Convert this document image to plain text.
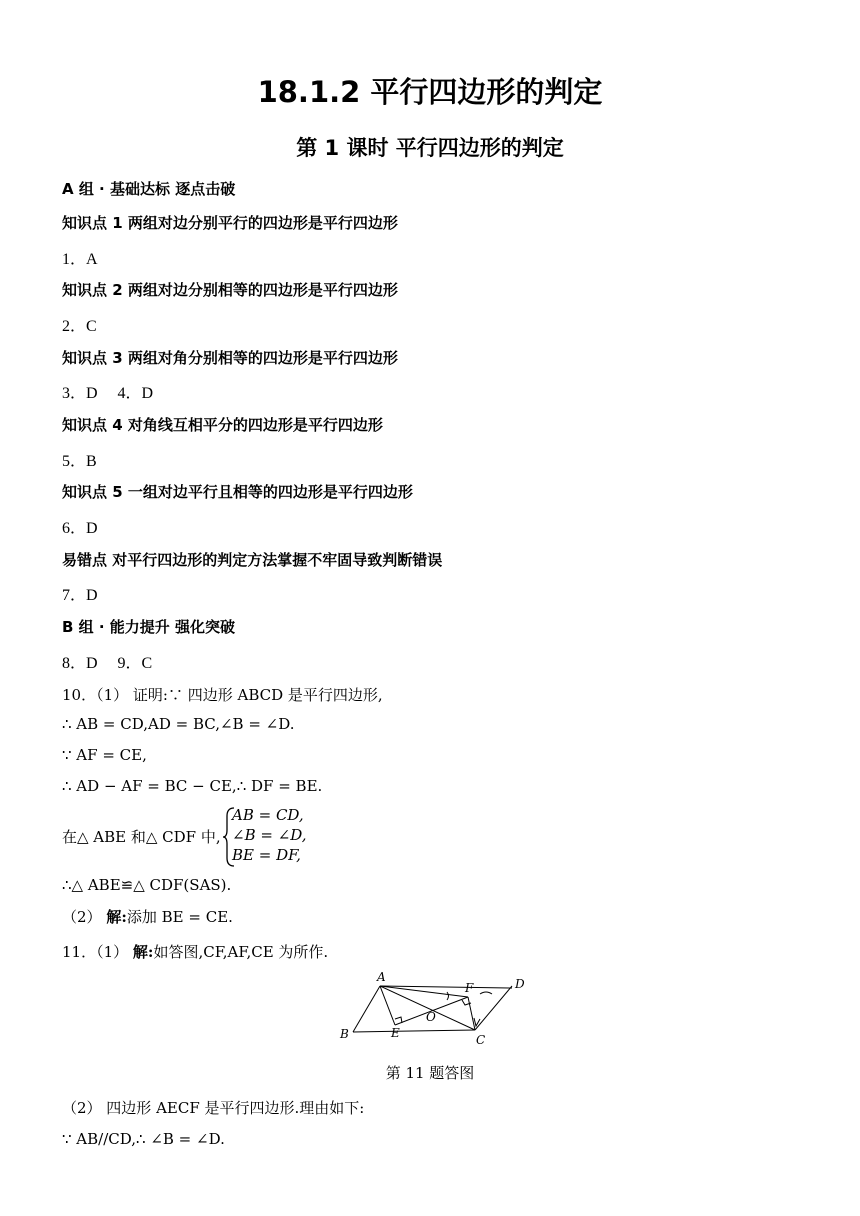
18.1.2 平行四边形的判定
第 1 课时 平行四边形的判定
A 组 · 基础达标 逐点击破
知识点 1 两组对边分别平行的四边形是平行四边形
1．A
知识点 2 两组对边分别相等的四边形是平行四边形
2．C
知识点 3 两组对角分别相等的四边形是平行四边形
3．D　 4．D
知识点 4 对角线互相平分的四边形是平行四边形
5．B
知识点 5 一组对边平行且相等的四边形是平行四边形
6．D
易错点 对平行四边形的判定方法掌握不牢固导致判断错误
7．D
B 组 · 能力提升 强化突破
8．D　 9．C
10．（1） 证明:∵ 四边形 ABCD 是平行四边形,
∴ AB = CD,AD = BC,∠B = ∠D.
∵ AF = CE,
∴ AD − AF = BC − CE,∴ DF = BE.
在△ ABE 和△ CDF 中,
AB = CD,
∠B = ∠D,
BE = DF,
∴△ ABE≌△ CDF(SAS).
（2） 解:添加 BE = CE.
11．（1） 解:如答图,CF,AF,CE 为所作.
A
B	C
D
E
F
O
第 11 题答图
（2） 四边形 AECF 是平行四边形.理由如下:
∵ AB//CD,∴ ∠B = ∠D.
